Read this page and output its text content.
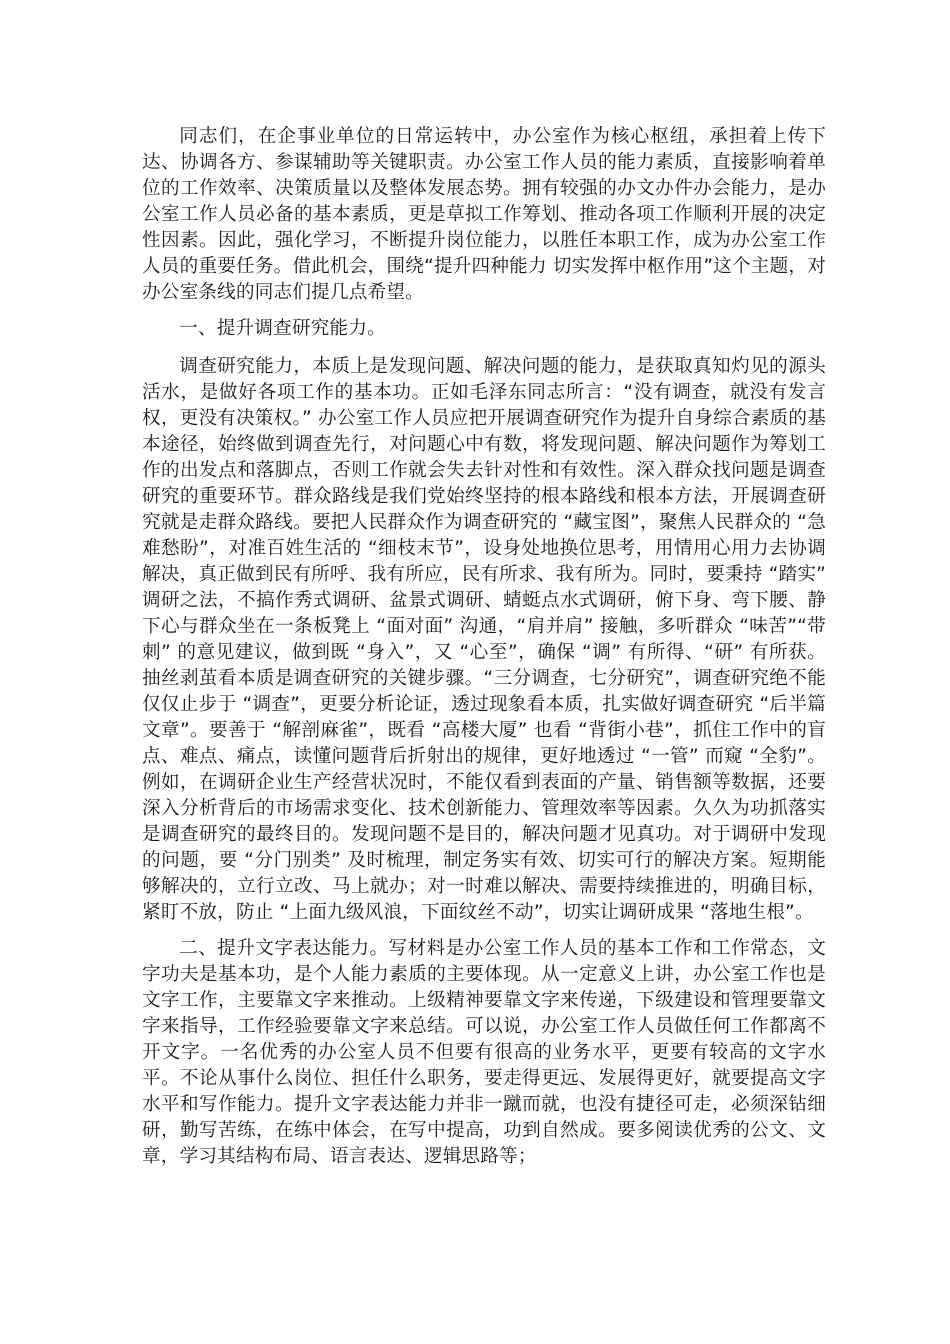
同志们，在企事业单位的日常运转中，办公室作为核心枢纽，承担着上传下达、协调各方、参谋辅助等关键职责。办公室工作人员的能力素质，直接影响着单位的工作效率、决策质量以及整体发展态势。拥有较强的办文办件办会能力，是办公室工作人员必备的基本素质，更是草拟工作筹划、推动各项工作顺利开展的决定性因素。因此，强化学习，不断提升岗位能力，以胜任本职工作，成为办公室工作人员的重要任务。借此机会，围绕“提升四种能力 切实发挥中枢作用”这个主题，对办公室条线的同志们提几点希望。

一、提升调查研究能力。

调查研究能力，本质上是发现问题、解决问题的能力，是获取真知灼见的源头活水，是做好各项工作的基本功。正如毛泽东同志所言：“没有调查，就没有发言权，更没有决策权。” 办公室工作人员应把开展调查研究作为提升自身综合素质的基本途径，始终做到调查先行，对问题心中有数，将发现问题、解决问题作为筹划工作的出发点和落脚点，否则工作就会失去针对性和有效性。深入群众找问题是调查研究的重要环节。群众路线是我们党始终坚持的根本路线和根本方法，开展调查研究就是走群众路线。要把人民群众作为调查研究的 “藏宝图”，聚焦人民群众的 “急难愁盼”，对准百姓生活的 “细枝末节”，设身处地换位思考，用情用心用力去协调解决，真正做到民有所呼、我有所应，民有所求、我有所为。同时，要秉持 “踏实” 调研之法，不搞作秀式调研、盆景式调研、蜻蜓点水式调研，俯下身、弯下腰、静下心与群众坐在一条板凳上 “面对面” 沟通，“肩并肩” 接触，多听群众 “味苦”“带刺” 的意见建议，做到既 “身入”，又 “心至”，确保 “调” 有所得、“研” 有所获。抽丝剥茧看本质是调查研究的关键步骤。“三分调查，七分研究”，调查研究绝不能仅仅止步于 “调查”，更要分析论证，透过现象看本质，扎实做好调查研究 “后半篇文章”。要善于 “解剖麻雀”，既看 “高楼大厦” 也看 “背街小巷”，抓住工作中的盲点、难点、痛点，读懂问题背后折射出的规律，更好地透过 “一管” 而窥 “全豹”。例如，在调研企业生产经营状况时，不能仅看到表面的产量、销售额等数据，还要深入分析背后的市场需求变化、技术创新能力、管理效率等因素。久久为功抓落实是调查研究的最终目的。发现问题不是目的，解决问题才见真功。对于调研中发现的问题，要 “分门别类” 及时梳理，制定务实有效、切实可行的解决方案。短期能够解决的，立行立改、马上就办；对一时难以解决、需要持续推进的，明确目标，紧盯不放，防止 “上面九级风浪，下面纹丝不动”，切实让调研成果 “落地生根”。

二、提升文字表达能力。写材料是办公室工作人员的基本工作和工作常态，文字功夫是基本功，是个人能力素质的主要体现。从一定意义上讲，办公室工作也是文字工作，主要靠文字来推动。上级精神要靠文字来传递，下级建设和管理要靠文字来指导，工作经验要靠文字来总结。可以说，办公室工作人员做任何工作都离不开文字。一名优秀的办公室人员不但要有很高的业务水平，更要有较高的文字水平。不论从事什么岗位、担任什么职务，要走得更远、发展得更好，就要提高文字水平和写作能力。提升文字表达能力并非一蹴而就，也没有捷径可走，必须深钻细研，勤写苦练，在练中体会，在写中提高，功到自然成。要多阅读优秀的公文、文章，学习其结构布局、语言表达、逻辑思路等；
